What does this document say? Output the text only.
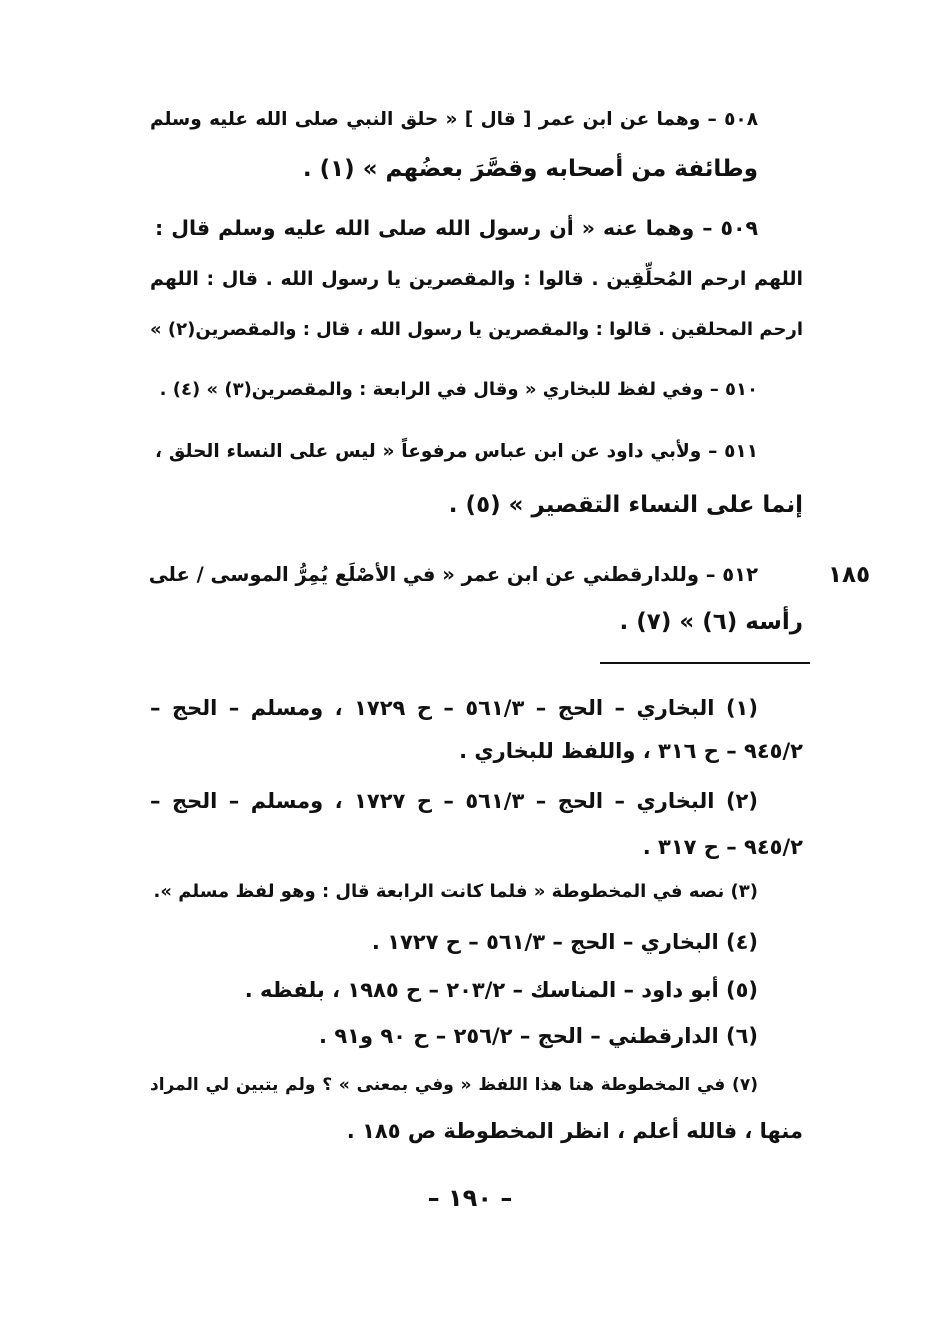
٥٠٨ – وهما عن ابن عمر [ قال ] « حلق النبي صلى الله عليه وسلم
وطائفة من أصحابه وقصَّرَ بعضُهم » (١) .
٥٠٩ – وهما عنه « أن رسول الله صلى الله عليه وسلم قال :
اللهم ارحم المُحلِّقِين . قالوا : والمقصرين يا رسول الله . قال : اللهم
ارحم المحلقين . قالوا : والمقصرين يا رسول الله ، قال : والمقصرين(٢) »
٥١٠ – وفي لفظ للبخاري « وقال في الرابعة : والمقصرين(٣) » (٤) .
٥١١ – ولأبي داود عن ابن عباس مرفوعاً « ليس على النساء الحلق ،
إنما على النساء التقصير » (٥) .
١٨٥
٥١٢ – وللدارقطني عن ابن عمر « في الأصْلَع يُمِرُّ الموسى / على
رأسه (٦) » (٧) .
(١) البخاري – الحج – ٥٦١/٣ – ح ١٧٢٩ ، ومسلم – الحج –
٩٤٥/٢ – ح ٣١٦ ، واللفظ للبخاري .
(٢) البخاري – الحج – ٥٦١/٣ – ح ١٧٢٧ ، ومسلم – الحج –
٩٤٥/٢ – ح ٣١٧ .
(٣) نصه في المخطوطة « فلما كانت الرابعة قال : وهو لفظ مسلم ».
(٤) البخاري – الحج – ٥٦١/٣ – ح ١٧٢٧ .
(٥) أبو داود – المناسك – ٢٠٣/٢ – ح ١٩٨٥ ، بلفظه .
(٦) الدارقطني – الحج – ٢٥٦/٢ – ح ٩٠ و٩١ .
(٧) في المخطوطة هنا هذا اللفظ « وفي بمعنى » ؟ ولم يتبين لي المراد
منها ، فالله أعلم ، انظر المخطوطة ص ١٨٥ .
– ١٩٠ –
